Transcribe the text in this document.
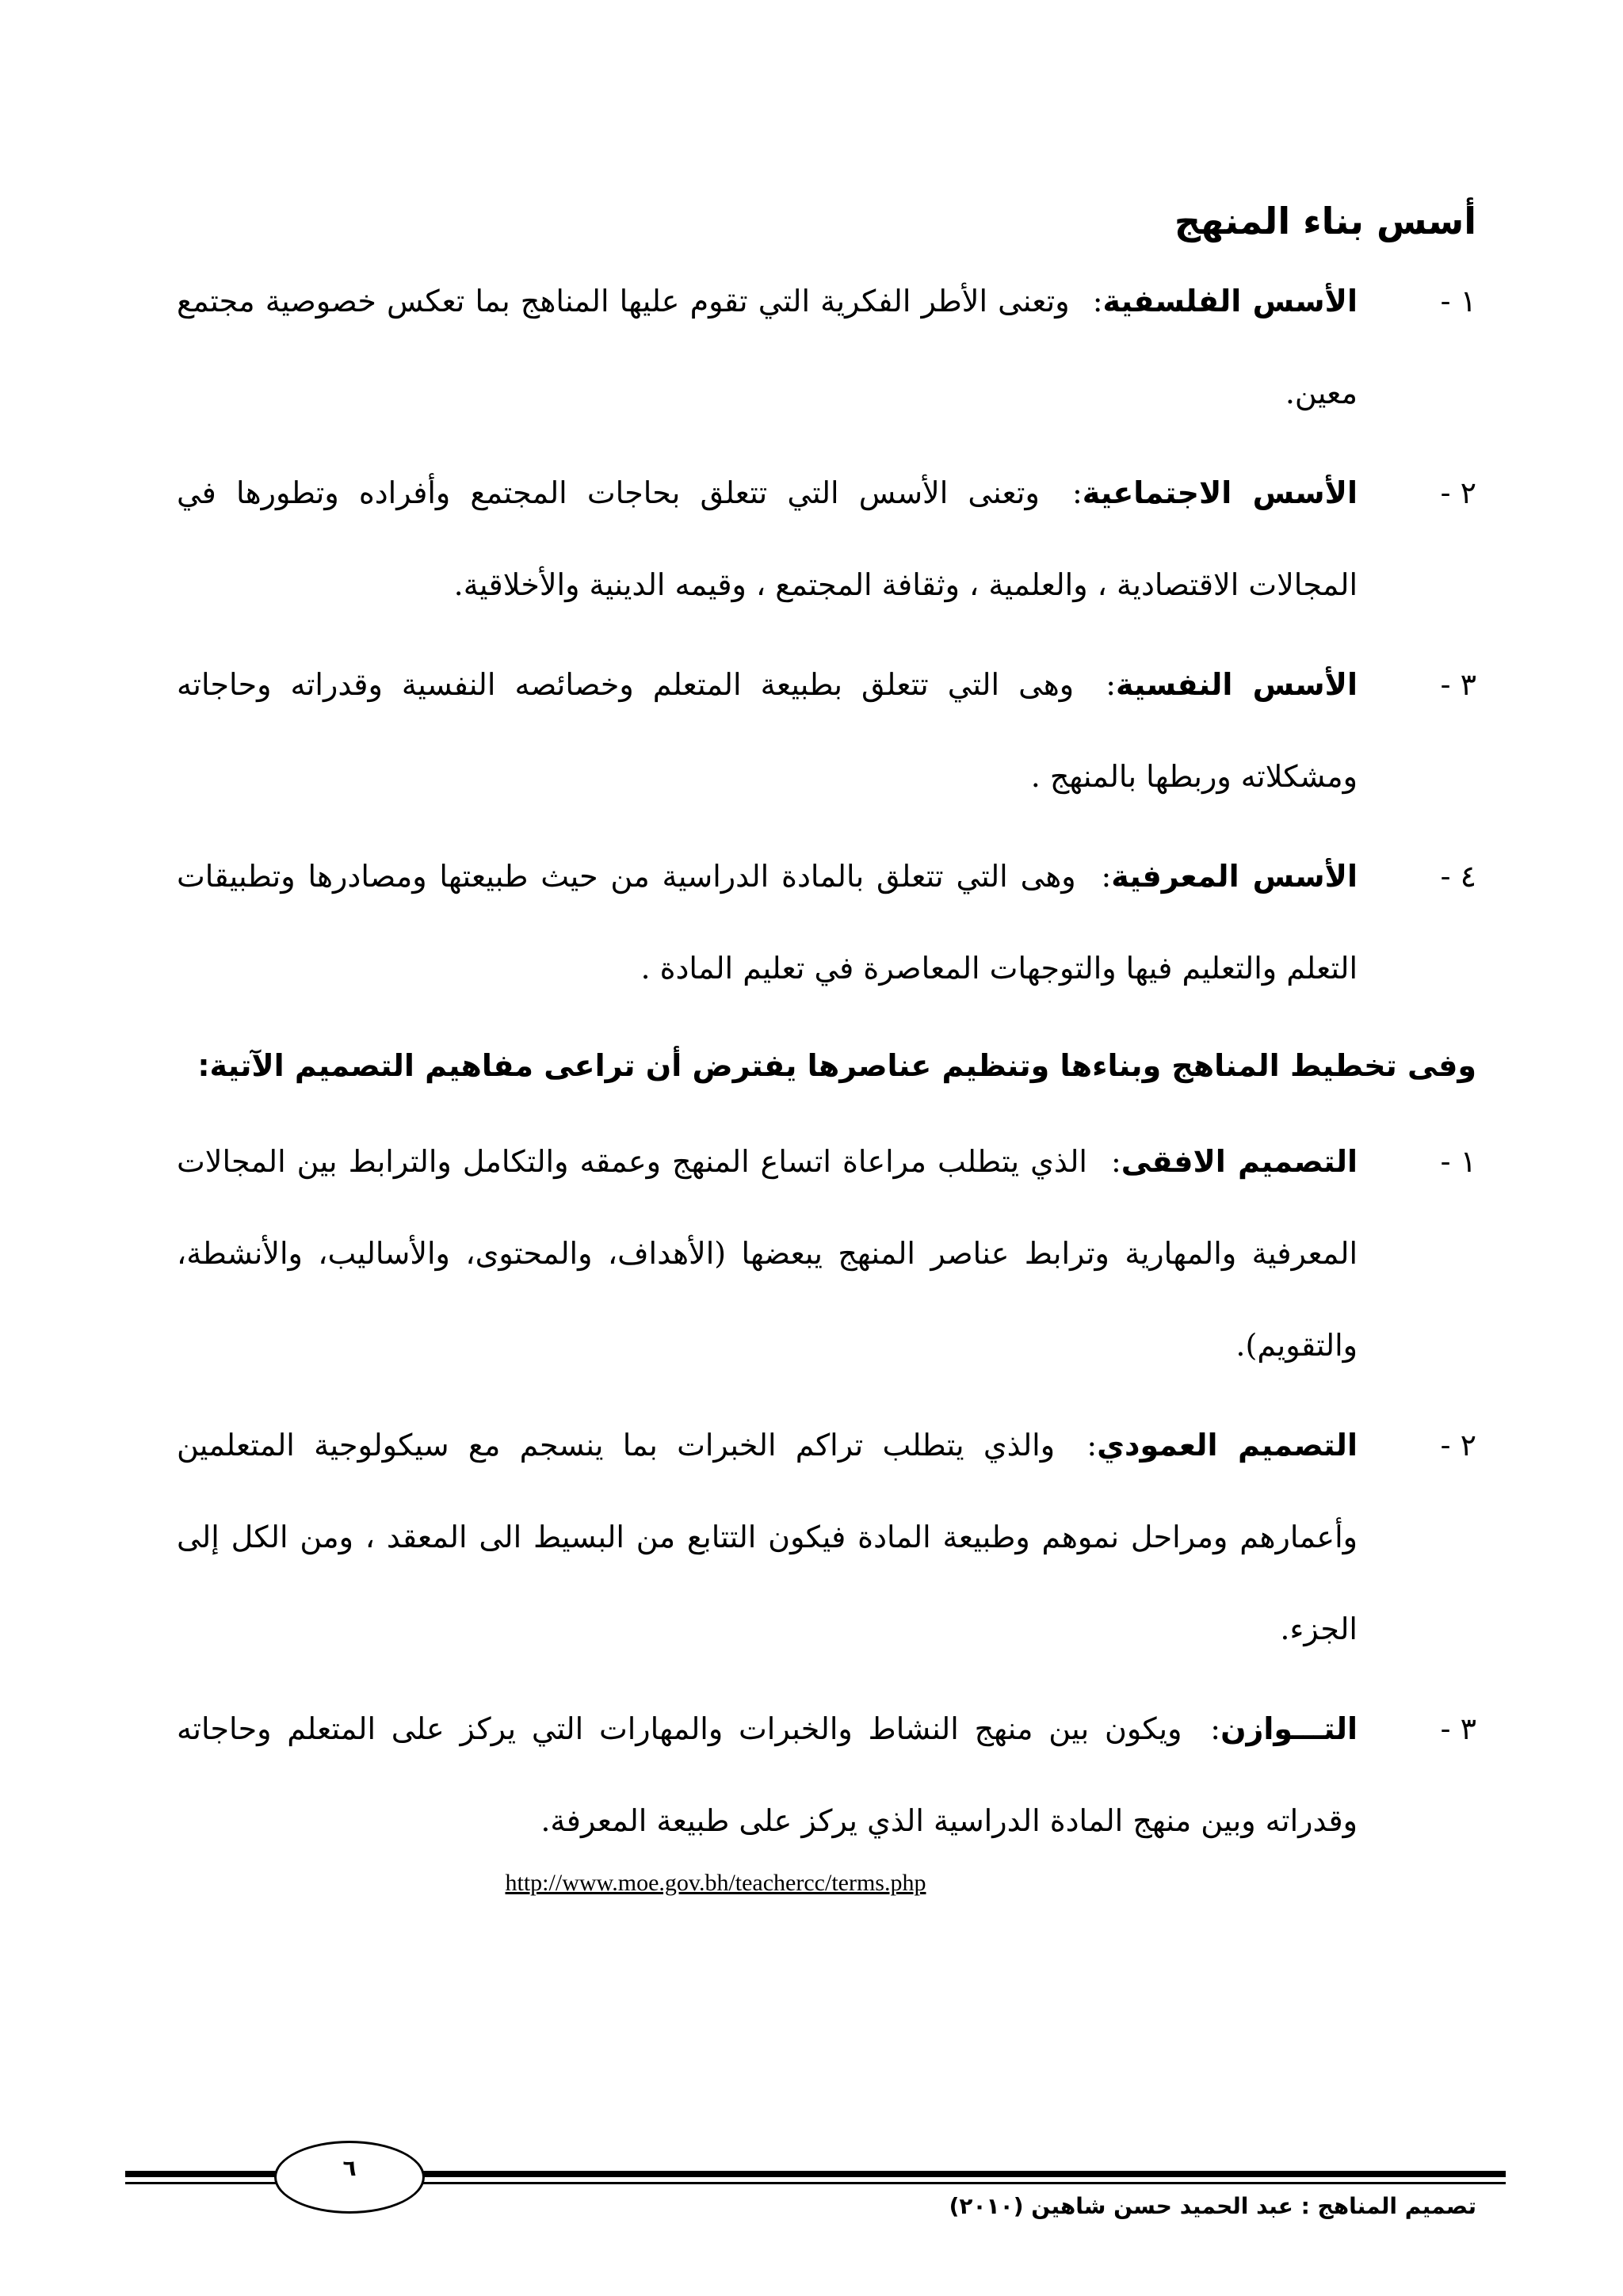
أسس بناء المنهج
١ -
الأسس الفلسفية: وتعنى الأطر الفكرية التي تقوم عليها المناهج بما تعكس خصوصية مجتمع معين.
٢ -
الأسس الاجتماعية: وتعنى الأسس التي تتعلق بحاجات المجتمع وأفراده وتطورها في المجالات الاقتصادية ، والعلمية ، وثقافة المجتمع ، وقيمه الدينية والأخلاقية.
٣ -
الأسس النفسية: وهى التي تتعلق بطبيعة المتعلم وخصائصه النفسية وقدراته وحاجاته ومشكلاته وربطها بالمنهج .
٤ -
الأسس المعرفية: وهى التي تتعلق بالمادة الدراسية من حيث طبيعتها ومصادرها وتطبيقات التعلم والتعليم فيها والتوجهات المعاصرة في تعليم المادة .

وفى تخطيط المناهج وبناءها وتنظيم عناصرها يفترض أن تراعى مفاهيم التصميم الآتية:

١ -
التصميم الافقى: الذي يتطلب مراعاة اتساع المنهج وعمقه والتكامل والترابط بين المجالات المعرفية والمهارية وترابط عناصر المنهج يبعضها (الأهداف، والمحتوى، والأساليب، والأنشطة، والتقويم).
٢ -
التصميم العمودي: والذي يتطلب تراكم الخبرات بما ينسجم مع سيكولوجية المتعلمين وأعمارهم ومراحل نموهم وطبيعة المادة فيكون التتابع من البسيط الى المعقد ، ومن الكل إلى الجزء.
٣ -
التـــوازن: ويكون بين منهج النشاط والخبرات والمهارات التي يركز على المتعلم وحاجاته وقدراته وبين منهج المادة الدراسية الذي يركز على طبيعة المعرفة.

http://www.moe.gov.bh/teachercc/terms.php

٦
تصميم المناهج : عبد الحميد حسن شاهين (٢٠١٠)
